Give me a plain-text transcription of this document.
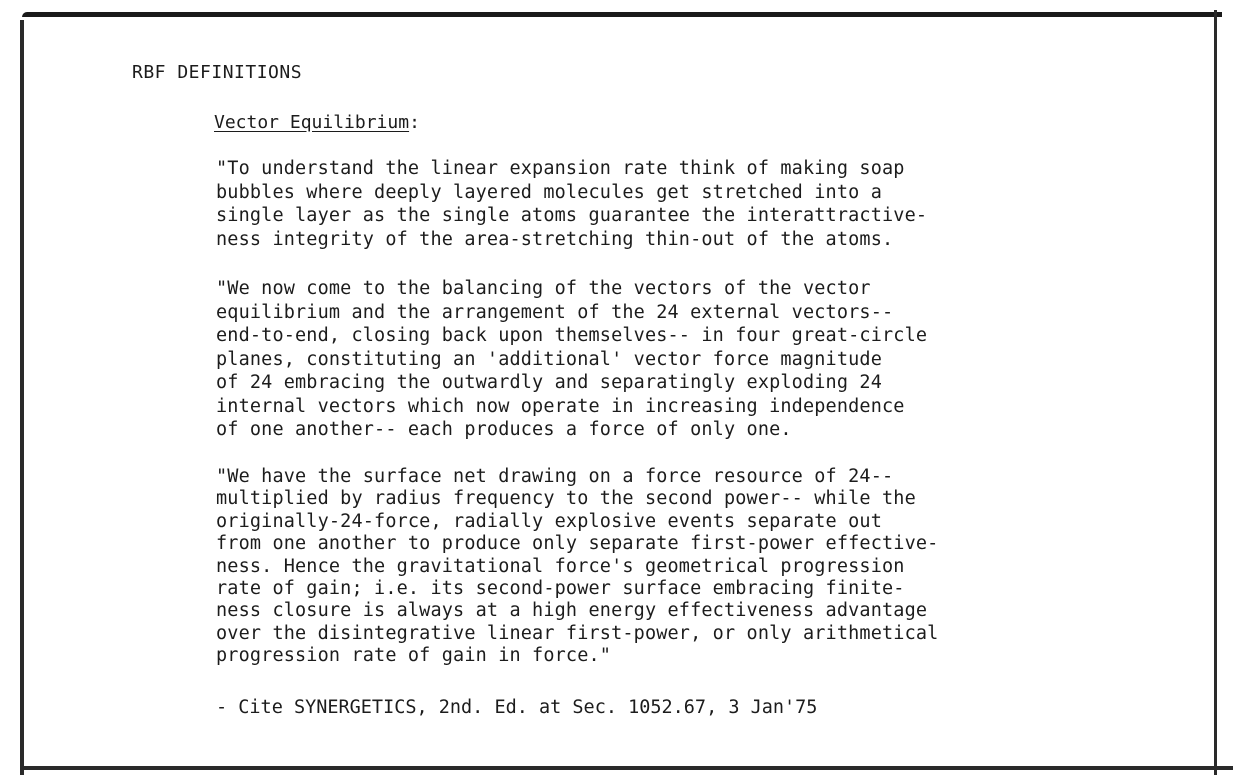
RBF DEFINITIONS
Vector Equilibrium:

"To understand the linear expansion rate think of making soap
bubbles where deeply layered molecules get stretched into a
single layer as the single atoms guarantee the interattractive-
ness integrity of the area-stretching thin-out of the atoms.

"We now come to the balancing of the vectors of the vector
equilibrium and the arrangement of the 24 external vectors--
end-to-end, closing back upon themselves-- in four great-circle
planes, constituting an 'additional' vector force magnitude
of 24 embracing the outwardly and separatingly exploding 24
internal vectors which now operate in increasing independence
of one another-- each produces a force of only one.

"We have the surface net drawing on a force resource of 24--
multiplied by radius frequency to the second power-- while the
originally-24-force, radially explosive events separate out
from one another to produce only separate first-power effective-
ness. Hence the gravitational force's geometrical progression
rate of gain; i.e. its second-power surface embracing finite-
ness closure is always at a high energy effectiveness advantage
over the disintegrative linear first-power, or only arithmetical
progression rate of gain in force."

- Cite SYNERGETICS, 2nd. Ed. at Sec. 1052.67, 3 Jan'75
